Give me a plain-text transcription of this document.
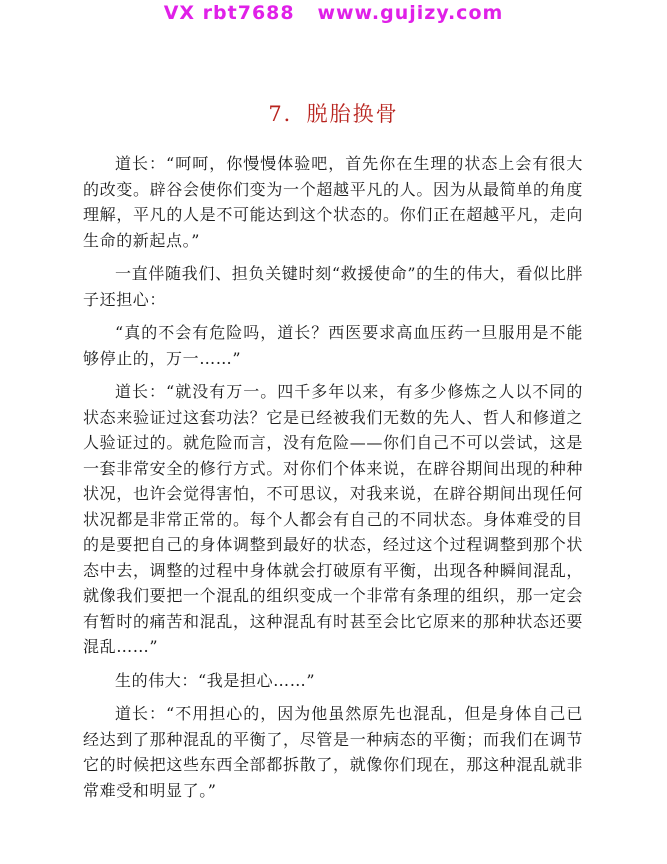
VX rbt7688   www.gujizy.com
7．脱胎换骨

道长：“呵呵，你慢慢体验吧，首先你在生理的状态上会有很大的改变。辟谷会使你们变为一个超越平凡的人。因为从最简单的角度理解，平凡的人是不可能达到这个状态的。你们正在超越平凡，走向生命的新起点。”

一直伴随我们、担负关键时刻“救援使命”的生的伟大，看似比胖子还担心：

“真的不会有危险吗，道长？西医要求高血压药一旦服用是不能够停止的，万一……”

道长：“就没有万一。四千多年以来，有多少修炼之人以不同的状态来验证过这套功法？它是已经被我们无数的先人、哲人和修道之人验证过的。就危险而言，没有危险——你们自己不可以尝试，这是一套非常安全的修行方式。对你们个体来说，在辟谷期间出现的种种状况，也许会觉得害怕，不可思议，对我来说，在辟谷期间出现任何状况都是非常正常的。每个人都会有自己的不同状态。身体难受的目的是要把自己的身体调整到最好的状态，经过这个过程调整到那个状态中去，调整的过程中身体就会打破原有平衡，出现各种瞬间混乱，就像我们要把一个混乱的组织变成一个非常有条理的组织，那一定会有暂时的痛苦和混乱，这种混乱有时甚至会比它原来的那种状态还要混乱……”

生的伟大：“我是担心……”

道长：“不用担心的，因为他虽然原先也混乱，但是身体自己已经达到了那种混乱的平衡了，尽管是一种病态的平衡；而我们在调节它的时候把这些东西全部都拆散了，就像你们现在，那这种混乱就非常难受和明显了。”
